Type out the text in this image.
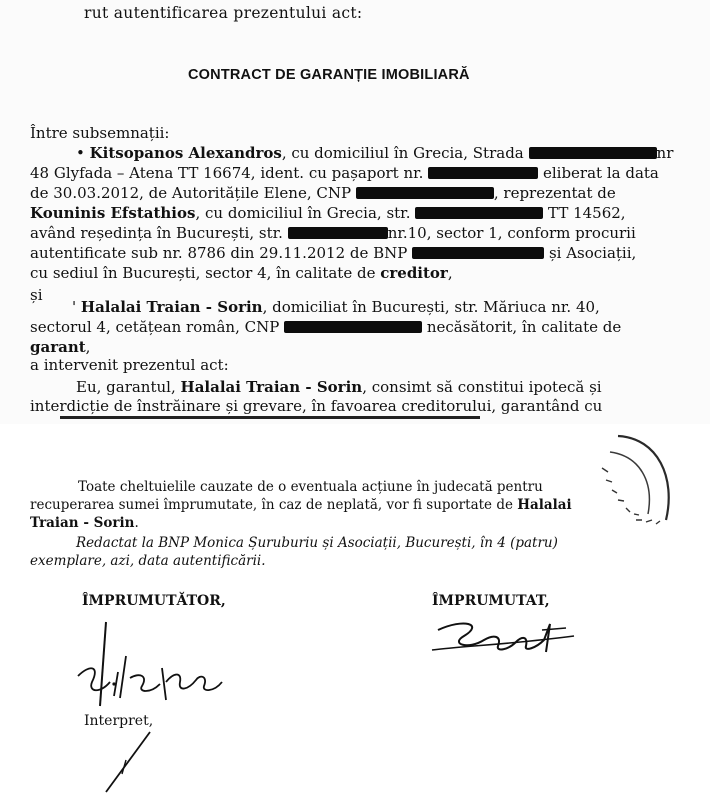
rut autentificarea prezentului act:
CONTRACT DE GARANȚIE IMOBILIARĂ
Între subsemnații:
• Kitsopanos Alexandros, cu domiciliul în Grecia, Strada	nr
48 Glyfada – Atena TT 16674, ident. cu pașaport nr.	eliberat la data
de 30.03.2012, de Autoritățile Elene, CNP	, reprezentat de
Kouninis Efstathios, cu domiciliul în Grecia, str.	TT 14562,
având reședința în București, str.	nr.10, sector 1, conform procurii
autentificate sub nr. 8786 din 29.11.2012 de BNP	și Asociații,
cu sediul în București, sector 4, în calitate de creditor,
și
' Halalai Traian - Sorin, domiciliat în București, str. Măriuca nr. 40,
sectorul 4, cetățean român, CNP	necăsătorit, în calitate de
garant,
a intervenit prezentul act:
Eu, garantul, Halalai Traian - Sorin, consimt să constitui ipotecă și
interdicție de înstrăinare și grevare, în favoarea creditorului, garantând cu
Toate cheltuielile cauzate de o eventuala acțiune în judecată pentru
recuperarea sumei împrumutate, în caz de neplată, vor fi suportate de Halalai
Traian - Sorin.
Redactat la BNP Monica Șuruburiu și Asociații, București, în 4 (patru)
exemplare, azi, data autentificării.
ÎMPRUMUTĂTOR,	ÎMPRUMUTAT,
Interpret,
